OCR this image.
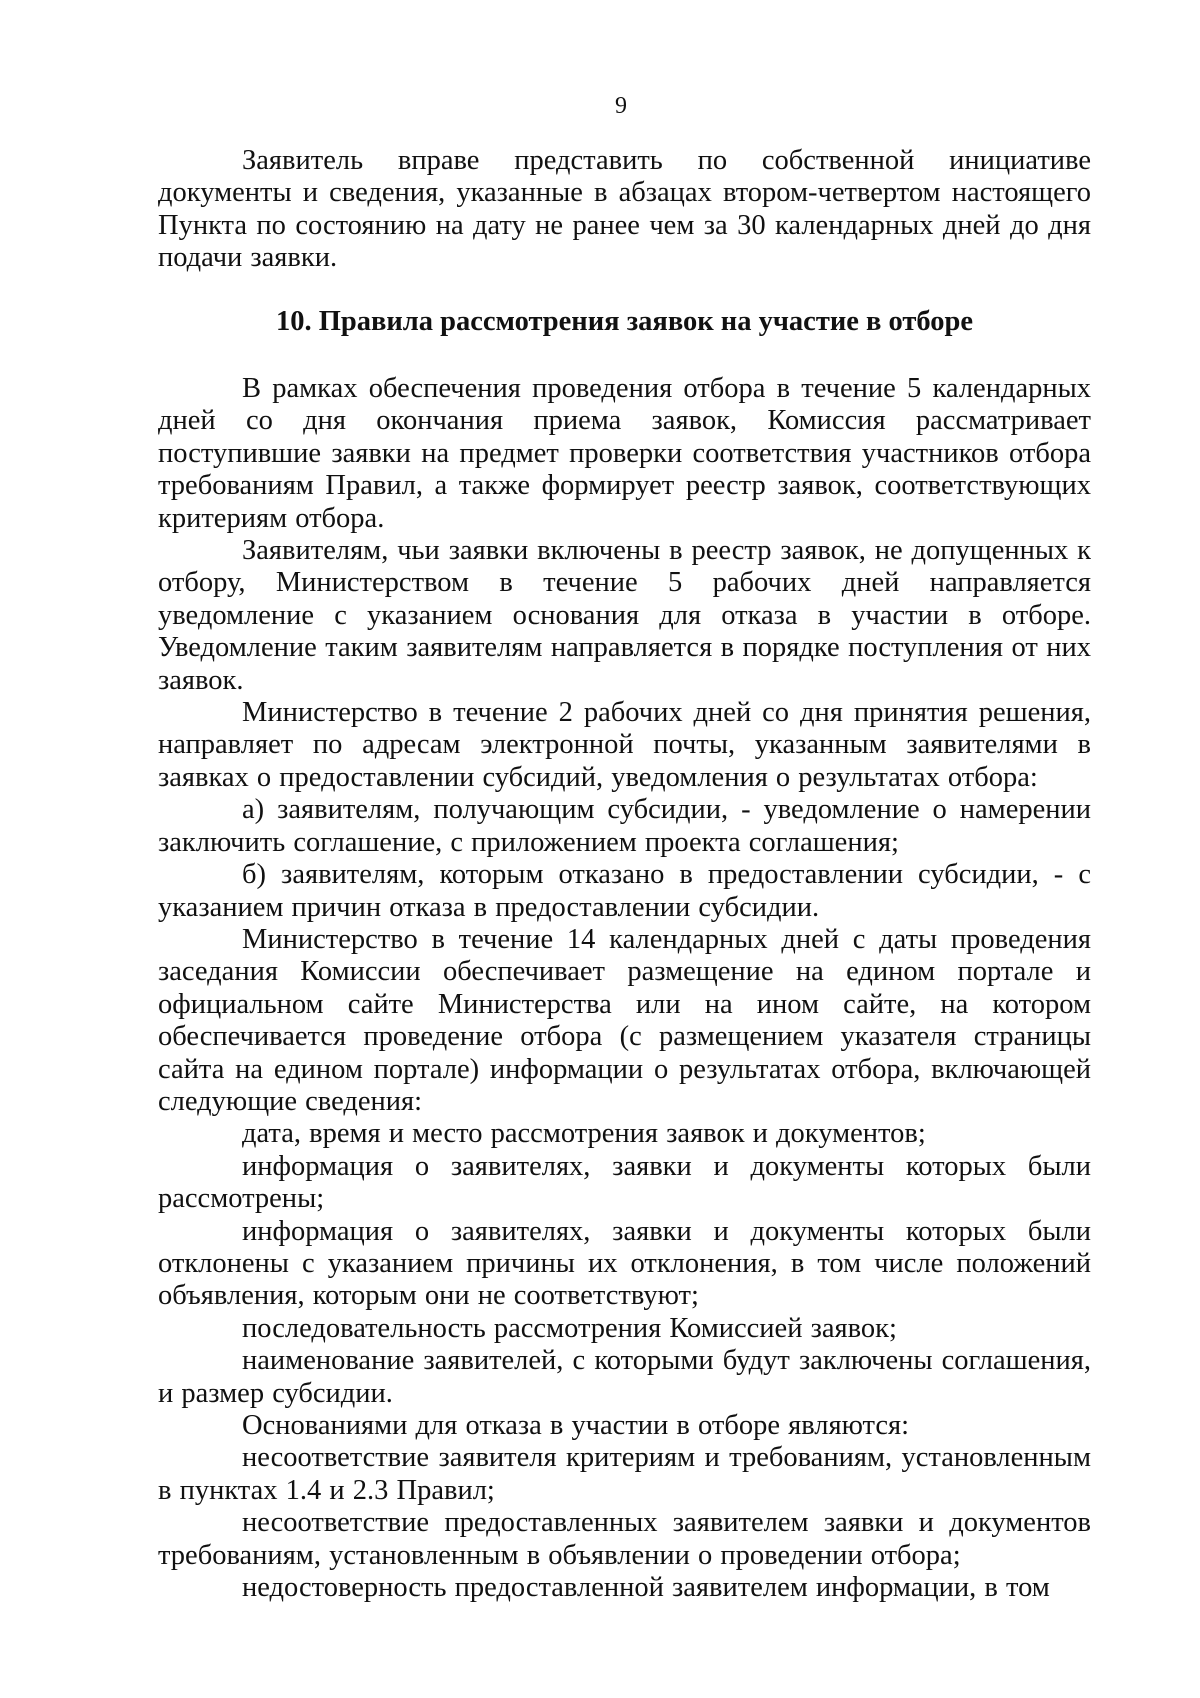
9

Заявитель вправе представить по собственной инициативе документы и сведения, указанные в абзацах втором-четвертом настоящего Пункта по состоянию на дату не ранее чем за 30 календарных дней до дня подачи заявки.

10. Правила рассмотрения заявок на участие в отборе

В рамках обеспечения проведения отбора в течение 5 календарных дней со дня окончания приема заявок, Комиссия рассматривает поступившие заявки на предмет проверки соответствия участников отбора требованиям Правил, а также формирует реестр заявок, соответствующих критериям отбора.

Заявителям, чьи заявки включены в реестр заявок, не допущенных к отбору, Министерством в течение 5 рабочих дней направляется уведомление с указанием основания для отказа в участии в отборе. Уведомление таким заявителям направляется в порядке поступления от них заявок.

Министерство в течение 2 рабочих дней со дня принятия решения, направляет по адресам электронной почты, указанным заявителями в заявках о предоставлении субсидий, уведомления о результатах отбора:

а) заявителям, получающим субсидии, - уведомление о намерении заключить соглашение, с приложением проекта соглашения;

б) заявителям, которым отказано в предоставлении субсидии, - с указанием причин отказа в предоставлении субсидии.

Министерство в течение 14 календарных дней с даты проведения заседания Комиссии обеспечивает размещение на едином портале и официальном сайте Министерства или на ином сайте, на котором обеспечивается проведение отбора (с размещением указателя страницы сайта на едином портале) информации о результатах отбора, включающей следующие сведения:

дата, время и место рассмотрения заявок и документов;

информация о заявителях, заявки и документы которых были рассмотрены;

информация о заявителях, заявки и документы которых были отклонены с указанием причины их отклонения, в том числе положений объявления, которым они не соответствуют;

последовательность рассмотрения Комиссией заявок;

наименование заявителей, с которыми будут заключены соглашения, и размер субсидии.

Основаниями для отказа в участии в отборе являются:

несоответствие заявителя критериям и требованиям, установленным в пунктах 1.4 и 2.3 Правил;

несоответствие предоставленных заявителем заявки и документов требованиям, установленным в объявлении о проведении отбора;

недостоверность предоставленной заявителем информации, в том
